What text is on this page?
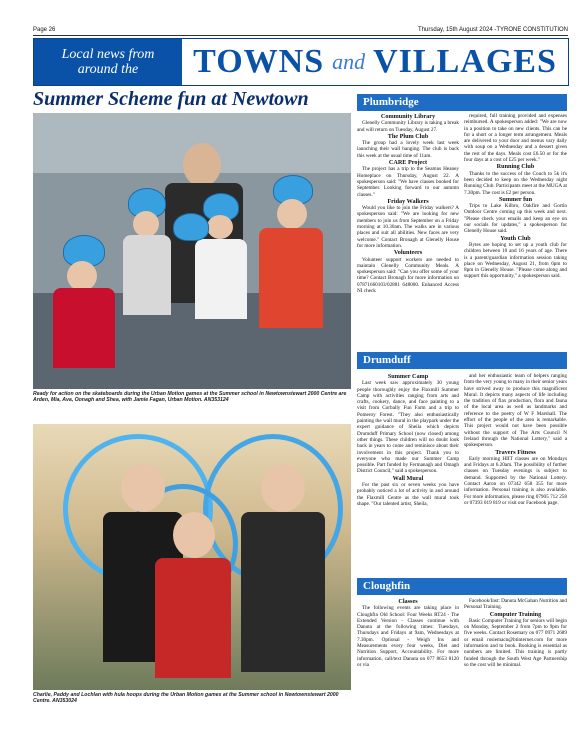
Page 26	Thursday, 15th August 2024 -TYRONE CONSTITUTION
Local news from
around the TOWNS and VILLAGES
Summer Scheme fun at Newtown
Ready for action on the skateboards during the Urban Motion games at the Summer school in Newtownstewart 2000 Centre are Arden, Mia, Ava, Oonagh and Shea, with Jamie Fagan, Urban Motion. AN353124
Charlie, Paddy and Lochlan with hula hoops during the Urban Motion games at the Summer school in Newtownstewart 2000 Centre. AN353024
Plumbridge
Community Library

Glenelly Community Library is taking a break and will return on Tuesday, August 27.

The Plum Club

The group had a lovely week last week launching their wall hanging. The club is back this week at the usual time of 11am.

CARE Project

The project has a trip to the Seamus Heaney Homeplace on Thursday, August 22. A spokesperson said: "We have classes booked for September. Looking forward to our autumn classes."

Friday Walkers

Would you like to join the Friday walkers? A spokesperson said: "We are looking for new members to join us from September on a Friday morning at 10.30am. The walks are in various places and suit all abilities. New faces are very welcome." Contact Bronagh at Glenelly House for more information.

Volunteers

Volunteer support workers are needed to maintain Glenelly Community Meals. A spokesperson said: "Can you offer some of your time? Contact Bronagh for more information on 07871660103/02881 648000. Enhanced Access NI check

required, full training provided and expenses reimbursed. A spokesperson added: "We are now in a position to take on new clients. This can be for a short or a longer term arrangement. Meals are delivered to your door and menus vary daily with soup on a Wednesday and a dessert given the rest of the days. Meals cost £6.50 or for the four days at a cost of £25 per week."

Running Club

Thanks to the success of the Couch to 5k it's been decided to keep on the Wednesday night Running Club. Participants meet at the MUGA at 7.30pm. The cost is £2 per person.

Summer fun

Trips to Lake Kilbro, Oakfire and Gortin Outdoor Centre coming up this week and next. "Please check your emails and keep an eye on our socials for updates," a spokesperson for Glenelly House said.

Youth Club

Bytes are hoping to set up a youth club for children between 10 and 16 years of age. There is a parent/guardian information session taking place on Wednesday, August 21, from 6pm to 8pm in Glenelly House. "Please come along and support this opportunity," a spokesperson said.

Drumduff
Summer Camp

Last week saw approximately 30 young people thoroughly enjoy the Flaxmill Summer Camp with activities ranging from arts and crafts, cookery, dance, and face painting to a visit from Corbally Fun Farm and a trip to Pomeroy Forest. "They also enthusiastically painting the wall mural in the playpark under the expert guidance of Sheila which depicts Drumduff Primary School (now closed) among other things. These children will no doubt look back in years to come and reminisce about their involvement in this project. Thank you to everyone who made our Summer Camp possible. Part funded by Fermanagh and Omagh District Council," said a spokesperson.

Wall Mural

For the past six or seven weeks you have probably noticed a lot of activity in and around the Flaxmill Centre as the wall mural took shape. "Our talented artist, Sheila,

and her enthusiastic team of helpers ranging from the very young to many in their senior years have strived away to produce this magnificent Mural. It depicts many aspects of life including the tradition of flax production, flora and fauna of the local area as well as landmarks and reference to the poetry of W F Marshall. The effort of the people of the area is remarkable. This project would not have been possible without the support of The Arts Council N Ireland through the National Lottery," said a spokesperson.

Travers Fitness

Early morning HIIT classes are on Mondays and Fridays at 6.20am. The possibility of further classes on Tuesday evenings is subject to demand. Supported by the National Lottery. Contact Aaron on 07342 658 355 for more information. Personal training is also available. For more information, please ring 07905 712 258 or 07393 019 819 or visit our Facebook page.

Cloughfin
Classes

The following events are taking place in Cloughfin Old School: Four Weeks RT24 - The Extended Version - Classes continue with Danuta at the following times: Tuesdays, Thursdays and Fridays at 9am, Wednesdays at 7.30pm. Optional - Weigh Ins and Measurements every four weeks, Diet and Nutrition Support, Accountability. For more information, call/text Danuta on 077 8653 8120 or via

Facebook/Inst: Danuta McGahan Nutrition and Personal Training.

Computer Training

Basic Computer Training for seniors will begin on Monday, September 2 from 7pm to 9pm for five weeks. Contact Rosemary on 077 0971 2689 or email rosiemacn@btinternet.com for more information and to book. Booking is essential as numbers are limited. This training is partly funded through the South West Age Partnership so the cost will be minimal.
